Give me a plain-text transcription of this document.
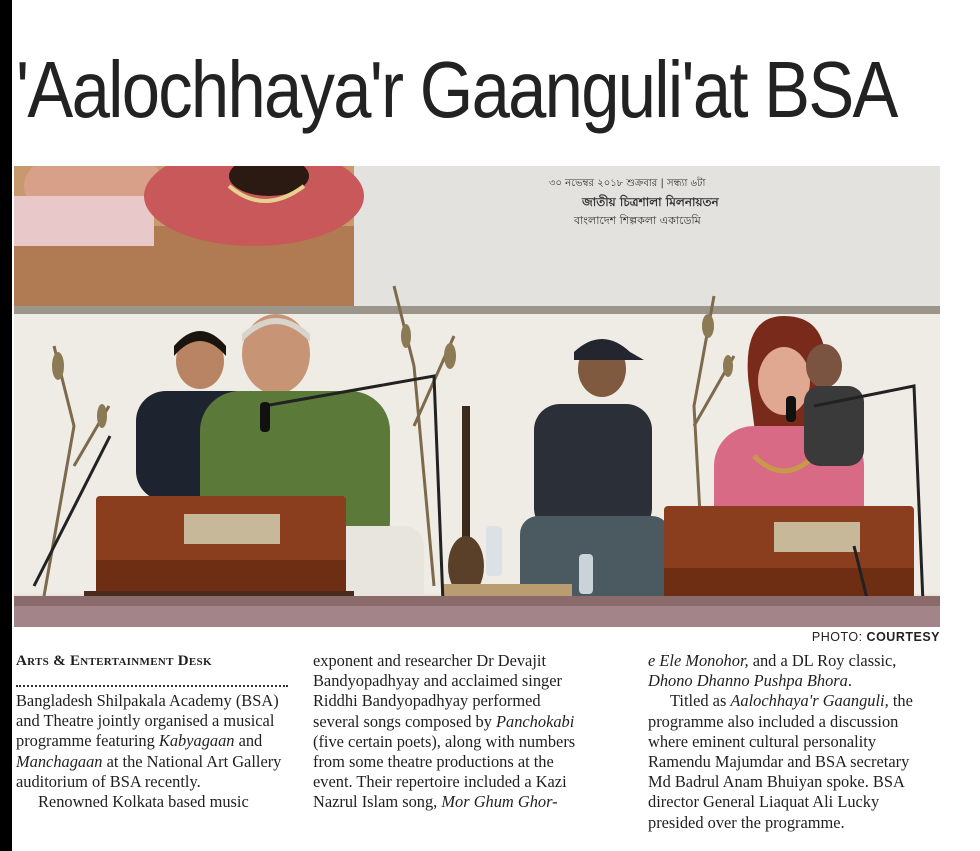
'Aalochhaya'r Gaanguli'at BSA
৩০ নভেম্বর ২০১৮ শুক্রবার | সন্ধ্যা ৬টা
জাতীয় চিত্রশালা মিলনায়তন
বাংলাদেশ শিল্পকলা একাডেমি
PHOTO: COURTESY
Arts & Entertainment Desk

Bangladesh Shilpakala Academy (BSA) and Theatre jointly organised a musical programme featuring Kabyagaan and Manchagaan at the National Art Gallery auditorium of BSA recently.

Renowned Kolkata based music

exponent and researcher Dr Devajit Bandyopadhyay and acclaimed singer Riddhi Bandyopadhyay performed several songs composed by Panchokabi (five certain poets), along with numbers from some theatre productions at the event. Their repertoire included a Kazi Nazrul Islam song, Mor Ghum Ghor-

e Ele Monohor, and a DL Roy classic, Dhono Dhanno Pushpa Bhora.

Titled as Aalochhaya'r Gaanguli, the programme also included a discussion where eminent cultural personality Ramendu Majumdar and BSA secretary Md Badrul Anam Bhuiyan spoke. BSA director General Liaquat Ali Lucky presided over the programme.
